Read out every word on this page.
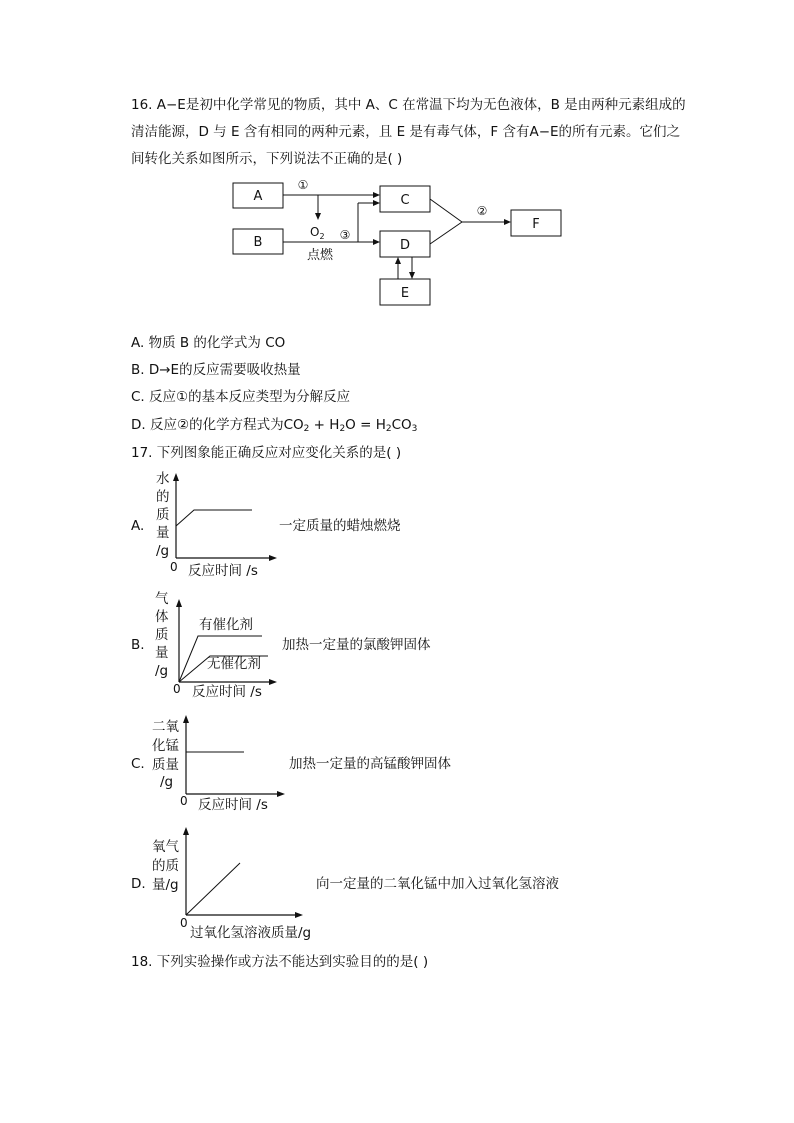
16. A−E是初中化学常见的物质，其中 A、C 在常温下均为无色液体，B 是由两种元素组成的
清洁能源，D 与 E 含有相同的两种元素，且 E 是有毒气体，F 含有A−E的所有元素。它们之
间转化关系如图所示，下列说法不正确的是( )
A
B
C
D
E
F
①
$O_2$
点燃
③
②
A. 物质 B 的化学式为 CO
B. D→E的反应需要吸收热量
C. 反应①的基本反应类型为分解反应
D. 反应②的化学方程式为$CO_2 + H_2O = H_2CO_3$
17. 下列图象能正确反应对应变化关系的是( )
A.
水
的
质
量
/g
0 反应时间 /s
一定质量的蜡烛燃烧
B.
气
体
质
量
/g
有催化剂
无催化剂
0 反应时间 /s
加热一定量的氯酸钾固体
C.
二氧
化锰
质量
/g
0 反应时间 /s
加热一定量的高锰酸钾固体
D.
氧气
的质
量/g
0
过氧化氢溶液质量/g
向一定量的二氧化锰中加入过氧化氢溶液
18. 下列实验操作或方法不能达到实验目的的是( )
